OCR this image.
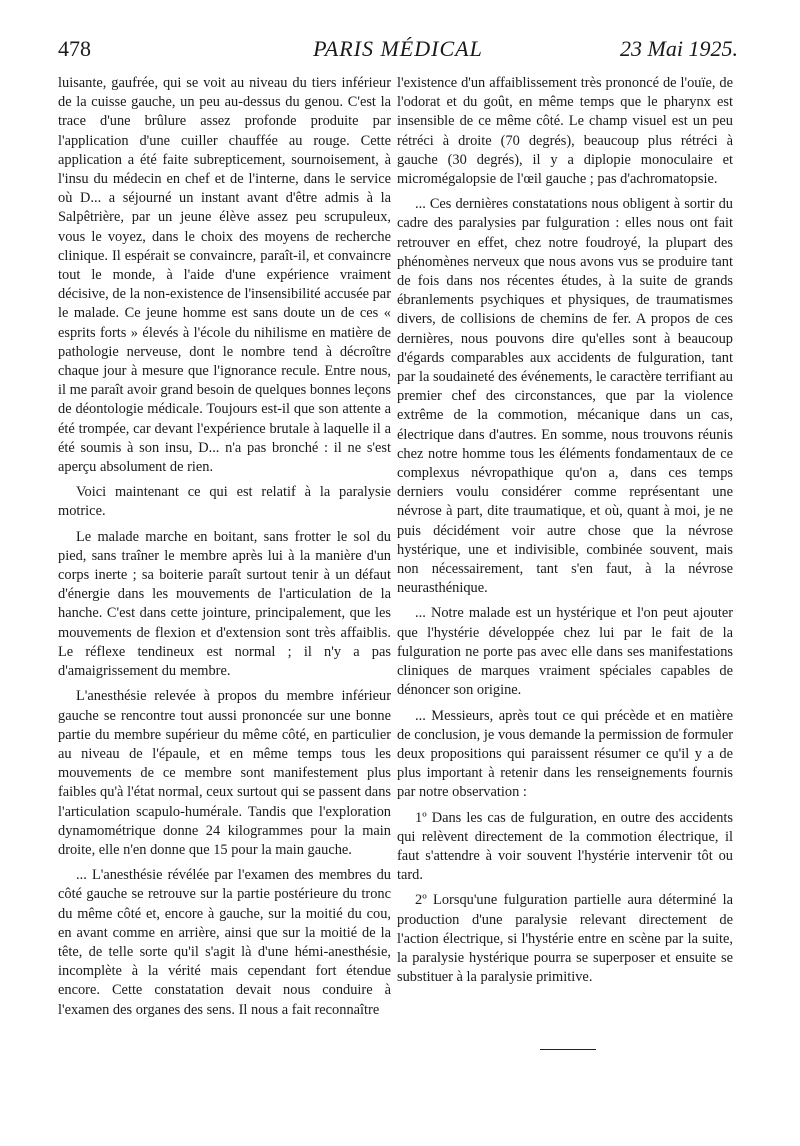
478	PARIS MÉDICAL	23 Mai 1925.

luisante, gaufrée, qui se voit au niveau du tiers inférieur de la cuisse gauche, un peu au-dessus du genou. C'est la trace d'une brûlure assez profonde produite par l'application d'une cuiller chauffée au rouge. Cette application a été faite subrepticement, sournoisement, à l'insu du médecin en chef et de l'interne, dans le service où D... a séjourné un instant avant d'être admis à la Salpêtrière, par un jeune élève assez peu scrupuleux, vous le voyez, dans le choix des moyens de recherche clinique. Il espérait se convaincre, paraît-il, et convaincre tout le monde, à l'aide d'une expérience vraiment décisive, de la non-existence de l'insensibilité accusée par le malade. Ce jeune homme est sans doute un de ces « esprits forts » élevés à l'école du nihilisme en matière de pathologie nerveuse, dont le nombre tend à décroître chaque jour à mesure que l'ignorance recule. Entre nous, il me paraît avoir grand besoin de quelques bonnes leçons de déontologie médicale. Toujours est-il que son attente a été trompée, car devant l'expérience brutale à laquelle il a été soumis à son insu, D... n'a pas bronché : il ne s'est aperçu absolument de rien.

Voici maintenant ce qui est relatif à la paralysie motrice.

Le malade marche en boitant, sans frotter le sol du pied, sans traîner le membre après lui à la manière d'un corps inerte ; sa boiterie paraît surtout tenir à un défaut d'énergie dans les mouvements de l'articulation de la hanche. C'est dans cette jointure, principalement, que les mouvements de flexion et d'extension sont très affaiblis. Le réflexe tendineux est normal ; il n'y a pas d'amaigrissement du membre.

L'anesthésie relevée à propos du membre inférieur gauche se rencontre tout aussi prononcée sur une bonne partie du membre supérieur du même côté, en particulier au niveau de l'épaule, et en même temps tous les mouvements de ce membre sont manifestement plus faibles qu'à l'état normal, ceux surtout qui se passent dans l'articulation scapulo-humérale. Tandis que l'exploration dynamométrique donne 24 kilogrammes pour la main droite, elle n'en donne que 15 pour la main gauche.

... L'anesthésie révélée par l'examen des membres du côté gauche se retrouve sur la partie postérieure du tronc du même côté et, encore à gauche, sur la moitié du cou, en avant comme en arrière, ainsi que sur la moitié de la tête, de telle sorte qu'il s'agit là d'une hémi-anesthésie, incomplète à la vérité mais cependant fort étendue encore. Cette constatation devait nous conduire à l'examen des organes des sens. Il nous a fait reconnaître

l'existence d'un affaiblissement très prononcé de l'ouïe, de l'odorat et du goût, en même temps que le pharynx est insensible de ce même côté. Le champ visuel est un peu rétréci à droite (70 degrés), beaucoup plus rétréci à gauche (30 degrés), il y a diplopie monoculaire et micromégalopsie de l'œil gauche ; pas d'achromatopsie.

... Ces dernières constatations nous obligent à sortir du cadre des paralysies par fulguration : elles nous ont fait retrouver en effet, chez notre foudroyé, la plupart des phénomènes nerveux que nous avons vus se produire tant de fois dans nos récentes études, à la suite de grands ébranlements psychiques et physiques, de traumatismes divers, de collisions de chemins de fer. A propos de ces dernières, nous pouvons dire qu'elles sont à beaucoup d'égards comparables aux accidents de fulguration, tant par la soudaineté des événements, le caractère terrifiant au premier chef des circonstances, que par la violence extrême de la commotion, mécanique dans un cas, électrique dans d'autres. En somme, nous trouvons réunis chez notre homme tous les éléments fondamentaux de ce complexus névropathique qu'on a, dans ces temps derniers voulu considérer comme représentant une névrose à part, dite traumatique, et où, quant à moi, je ne puis décidément voir autre chose que la névrose hystérique, une et indivisible, combinée souvent, mais non nécessairement, tant s'en faut, à la névrose neurasthénique.

... Notre malade est un hystérique et l'on peut ajouter que l'hystérie développée chez lui par le fait de la fulguration ne porte pas avec elle dans ses manifestations cliniques de marques vraiment spéciales capables de dénoncer son origine.

... Messieurs, après tout ce qui précède et en matière de conclusion, je vous demande la permission de formuler deux propositions qui paraissent résumer ce qu'il y a de plus important à retenir dans les renseignements fournis par notre observation :

1º Dans les cas de fulguration, en outre des accidents qui relèvent directement de la commotion électrique, il faut s'attendre à voir souvent l'hystérie intervenir tôt ou tard.

2º Lorsqu'une fulguration partielle aura déterminé la production d'une paralysie relevant directement de l'action électrique, si l'hystérie entre en scène par la suite, la paralysie hystérique pourra se superposer et ensuite se substituer à la paralysie primitive.
